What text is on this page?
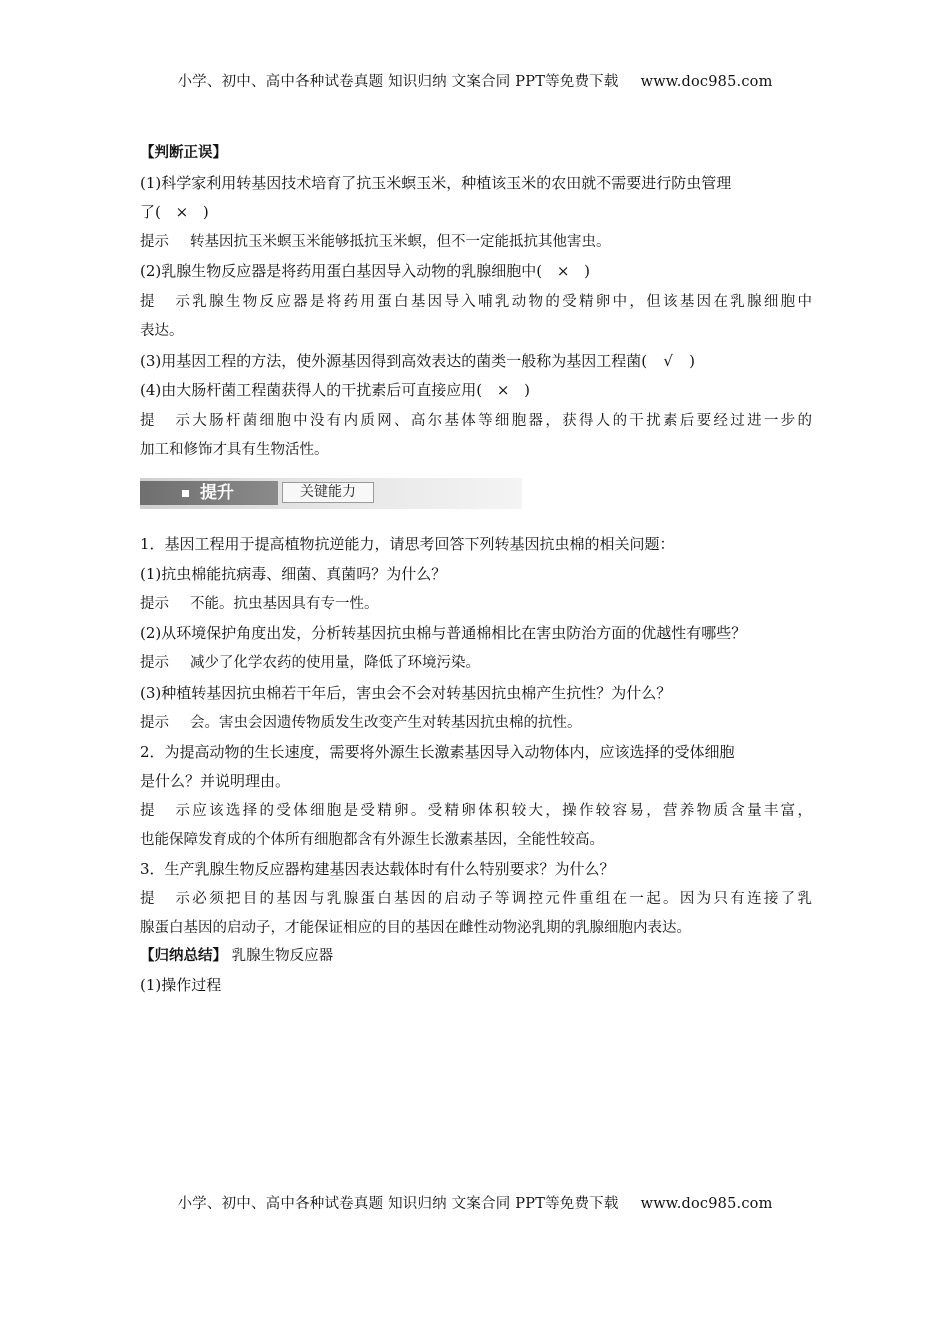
小学、初中、高中各种试卷真题 知识归纳 文案合同 PPT等免费下载 www.doc985.com
【判断正误】
(1)科学家利用转基因技术培育了抗玉米螟玉米，种植该玉米的农田就不需要进行防虫管理
了( × )
提示 转基因抗玉米螟玉米能够抵抗玉米螟，但不一定能抵抗其他害虫。
(2)乳腺生物反应器是将药用蛋白基因导入动物的乳腺细胞中( × )
提示乳腺生物反应器是将药用蛋白基因导入哺乳动物的受精卵中，但该基因在乳腺细胞中
表达。
(3)用基因工程的方法，使外源基因得到高效表达的菌类一般称为基因工程菌( √ )
(4)由大肠杆菌工程菌获得人的干扰素后可直接应用( × )
提示大肠杆菌细胞中没有内质网、高尔基体等细胞器，获得人的干扰素后要经过进一步的
加工和修饰才具有生物活性。
提升	关键能力
1．基因工程用于提高植物抗逆能力，请思考回答下列转基因抗虫棉的相关问题：
(1)抗虫棉能抗病毒、细菌、真菌吗？为什么？
提示 不能。抗虫基因具有专一性。
(2)从环境保护角度出发，分析转基因抗虫棉与普通棉相比在害虫防治方面的优越性有哪些？
提示 减少了化学农药的使用量，降低了环境污染。
(3)种植转基因抗虫棉若干年后，害虫会不会对转基因抗虫棉产生抗性？为什么？
提示 会。害虫会因遗传物质发生改变产生对转基因抗虫棉的抗性。
2．为提高动物的生长速度，需要将外源生长激素基因导入动物体内，应该选择的受体细胞
是什么？并说明理由。
提示应该选择的受体细胞是受精卵。受精卵体积较大，操作较容易，营养物质含量丰富，
也能保障发育成的个体所有细胞都含有外源生长激素基因，全能性较高。
3．生产乳腺生物反应器构建基因表达载体时有什么特别要求？为什么？
提示必须把目的基因与乳腺蛋白基因的启动子等调控元件重组在一起。因为只有连接了乳
腺蛋白基因的启动子，才能保证相应的目的基因在雌性动物泌乳期的乳腺细胞内表达。
【归纳总结】 乳腺生物反应器
(1)操作过程
小学、初中、高中各种试卷真题 知识归纳 文案合同 PPT等免费下载 www.doc985.com
